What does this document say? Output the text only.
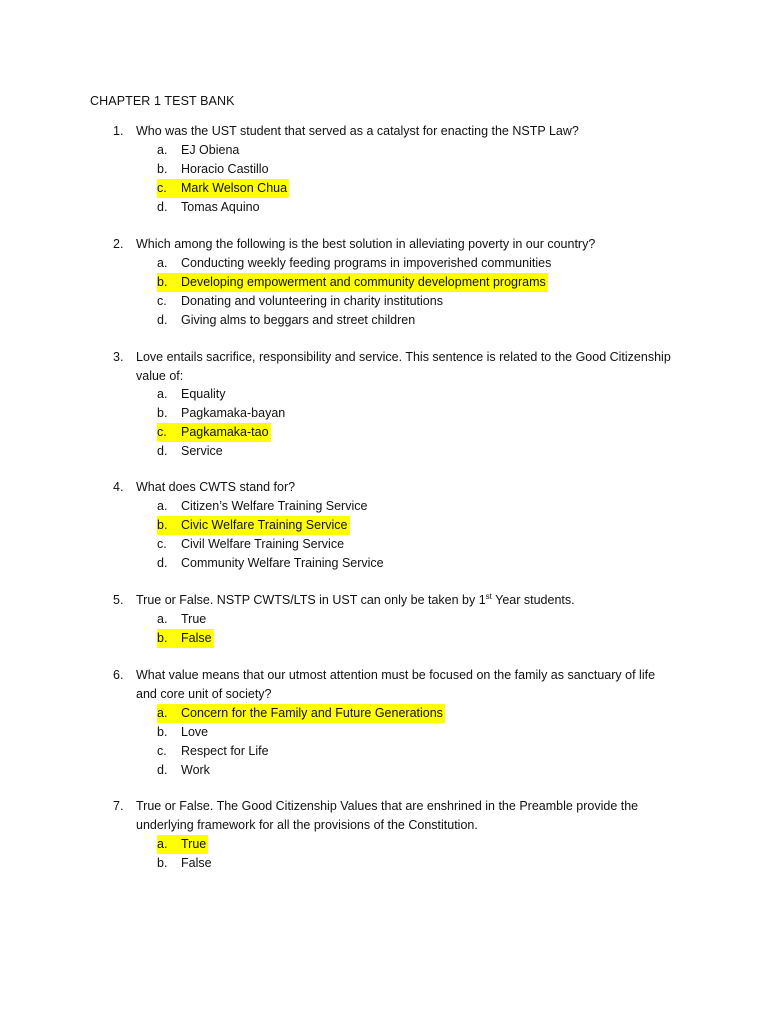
CHAPTER 1 TEST BANK
1. Who was the UST student that served as a catalyst for enacting the NSTP Law?
a. EJ Obiena
b. Horacio Castillo
c. Mark Welson Chua
d. Tomas Aquino
2. Which among the following is the best solution in alleviating poverty in our country?
a. Conducting weekly feeding programs in impoverished communities
b. Developing empowerment and community development programs
c. Donating and volunteering in charity institutions
d. Giving alms to beggars and street children
3. Love entails sacrifice, responsibility and service. This sentence is related to the Good Citizenship
value of:
a. Equality
b. Pagkamaka-bayan
c. Pagkamaka-tao
d. Service
4. What does CWTS stand for?
a. Citizen’s Welfare Training Service
b. Civic Welfare Training Service
c. Civil Welfare Training Service
d. Community Welfare Training Service
5. True or False. NSTP CWTS/LTS in UST can only be taken by 1st Year students.
a. True
b. False
6. What value means that our utmost attention must be focused on the family as sanctuary of life
and core unit of society?
a. Concern for the Family and Future Generations
b. Love
c. Respect for Life
d. Work
7. True or False. The Good Citizenship Values that are enshrined in the Preamble provide the
underlying framework for all the provisions of the Constitution.
a. True
b. False
